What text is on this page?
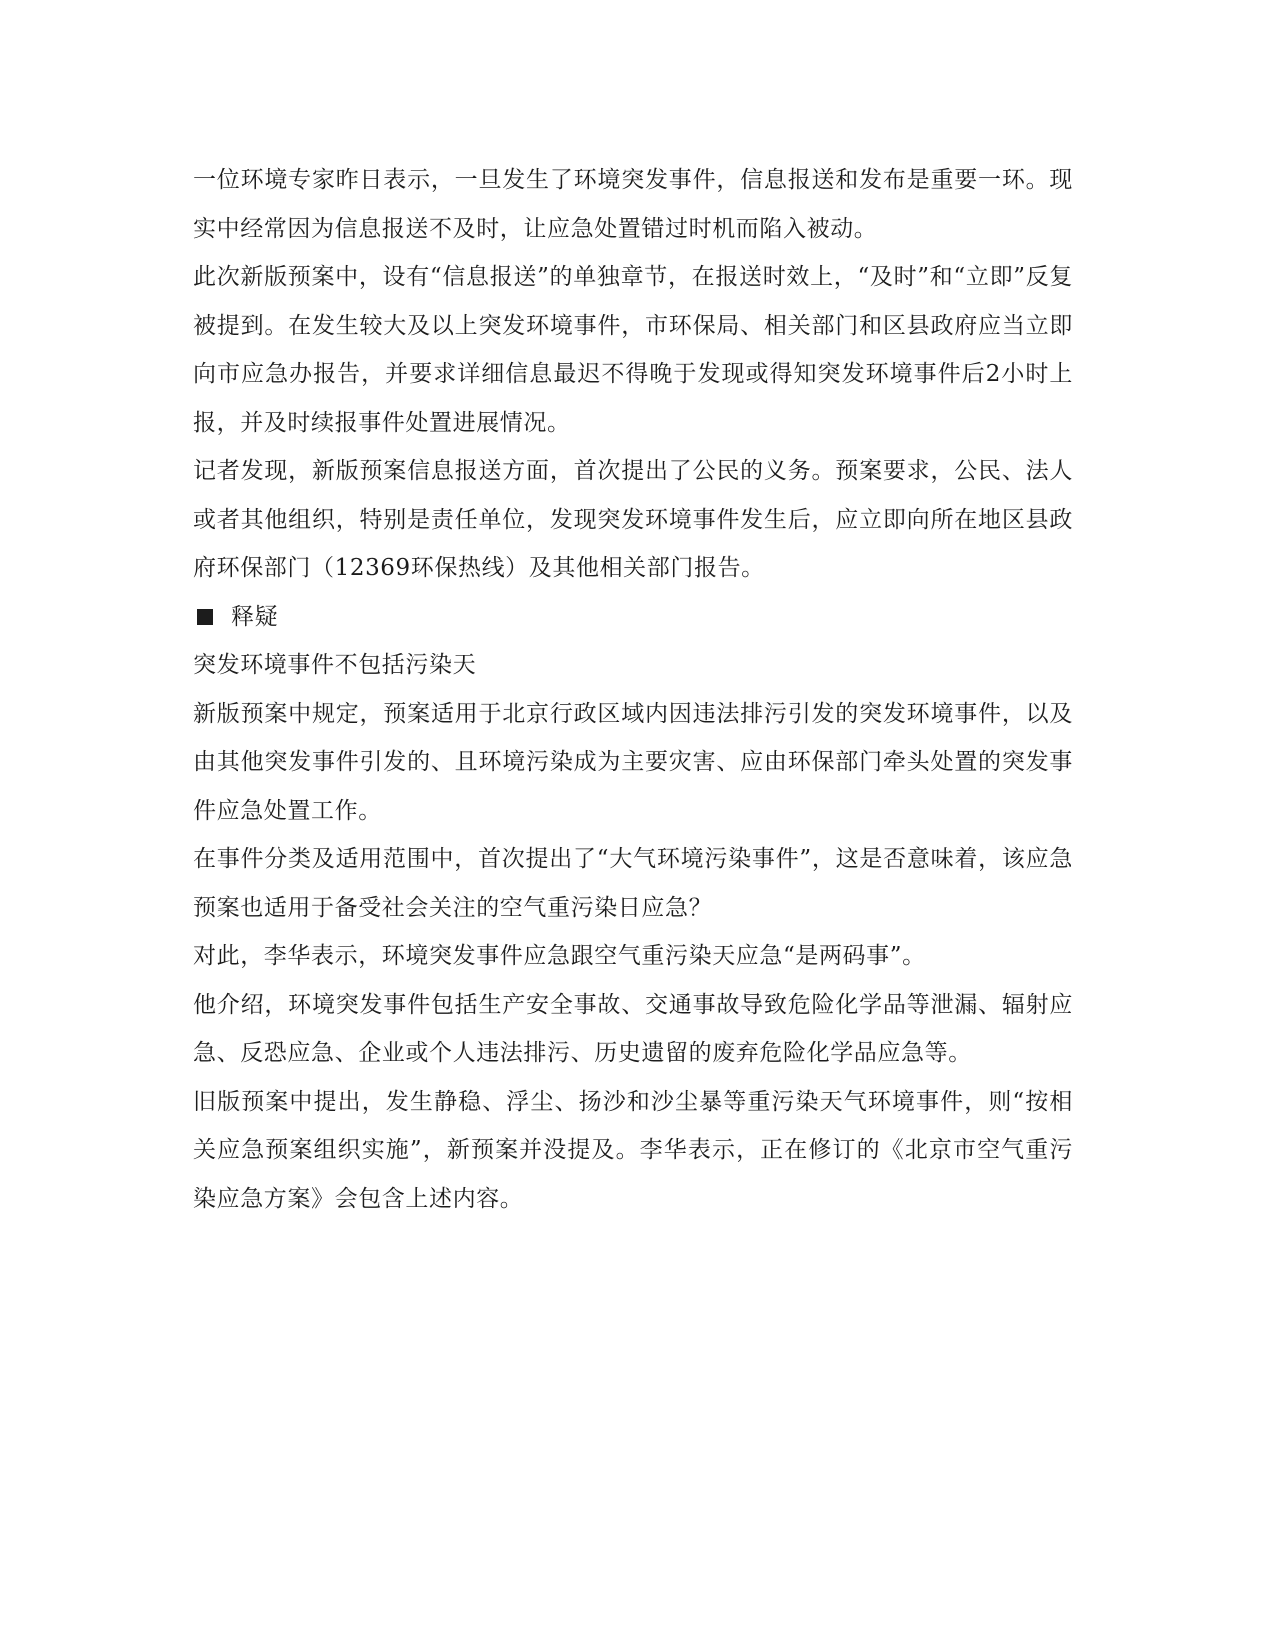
一位环境专家昨日表示，一旦发生了环境突发事件，信息报送和发布是重要一环。现实中经常因为信息报送不及时，让应急处置错过时机而陷入被动。

此次新版预案中，设有“信息报送”的单独章节，在报送时效上，“及时”和“立即”反复被提到。在发生较大及以上突发环境事件，市环保局、相关部门和区县政府应当立即向市应急办报告，并要求详细信息最迟不得晚于发现或得知突发环境事件后2小时上报，并及时续报事件处置进展情况。

记者发现，新版预案信息报送方面，首次提出了公民的义务。预案要求，公民、法人或者其他组织，特别是责任单位，发现突发环境事件发生后，应立即向所在地区县政府环保部门（12369环保热线）及其他相关部门报告。

释疑

突发环境事件不包括污染天

新版预案中规定，预案适用于北京行政区域内因违法排污引发的突发环境事件，以及由其他突发事件引发的、且环境污染成为主要灾害、应由环保部门牵头处置的突发事件应急处置工作。

在事件分类及适用范围中，首次提出了“大气环境污染事件”，这是否意味着，该应急预案也适用于备受社会关注的空气重污染日应急？

对此，李华表示，环境突发事件应急跟空气重污染天应急“是两码事”。

他介绍，环境突发事件包括生产安全事故、交通事故导致危险化学品等泄漏、辐射应急、反恐应急、企业或个人违法排污、历史遗留的废弃危险化学品应急等。

旧版预案中提出，发生静稳、浮尘、扬沙和沙尘暴等重污染天气环境事件，则“按相关应急预案组织实施”，新预案并没提及。李华表示，正在修订的《北京市空气重污染应急方案》会包含上述内容。
